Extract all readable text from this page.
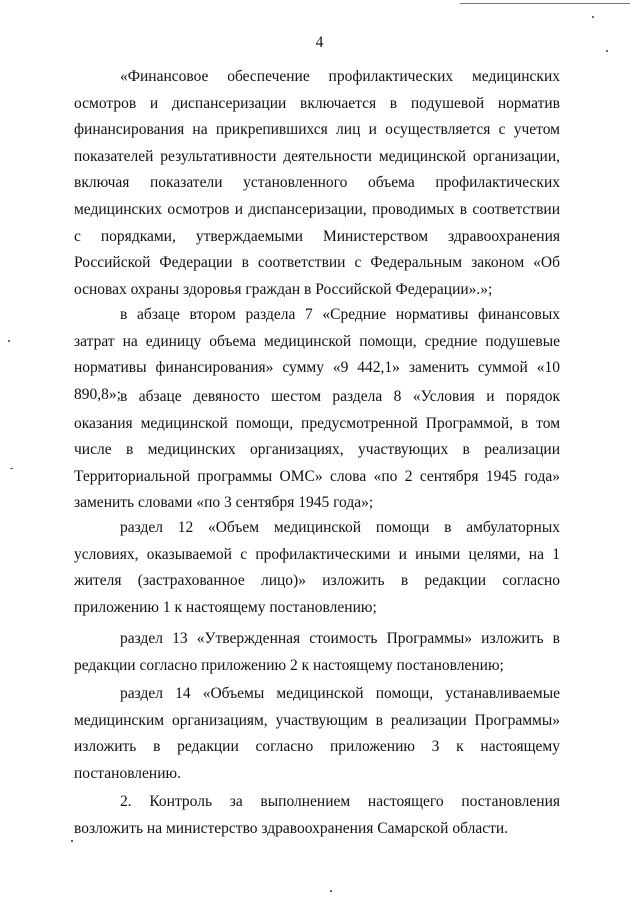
4

«Финансовое обеспечение профилактических медицинских осмотров и диспансеризации включается в подушевой норматив финансирования на прикрепившихся лиц и осуществляется с учетом показателей результативности деятельности медицинской организации, включая показатели установленного объема профилактических медицинских осмотров и диспансеризации, проводимых в соответствии с порядками, утверждаемыми Министерством здравоохранения Российской Федерации в соответствии с Федеральным законом «Об основах охраны здоровья граждан в Российской Федерации».»;

в абзаце втором раздела 7 «Средние нормативы финансовых затрат на единицу объема медицинской помощи, средние подушевые нормативы финансирования» сумму «9 442,1» заменить суммой «10 890,8»; в абзаце девяносто шестом раздела 8 «Условия и порядок оказания медицинской помощи, предусмотренной Программой, в том числе в медицинских организациях, участвующих в реализации Территориальной программы ОМС» слова «по 2 сентября 1945 года» заменить словами «по 3 сентября 1945 года»;

раздел 12 «Объем медицинской помощи в амбулаторных условиях, оказываемой с профилактическими и иными целями, на 1 жителя (застрахованное лицо)» изложить в редакции согласно приложению 1 к настоящему постановлению;

раздел 13 «Утвержденная стоимость Программы» изложить в редакции согласно приложению 2 к настоящему постановлению;

раздел 14 «Объемы медицинской помощи, устанавливаемые медицинским организациям, участвующим в реализации Программы» изложить в редакции согласно приложению 3 к настоящему постановлению.

2. Контроль за выполнением настоящего постановления возложить на министерство здравоохранения Самарской области.
